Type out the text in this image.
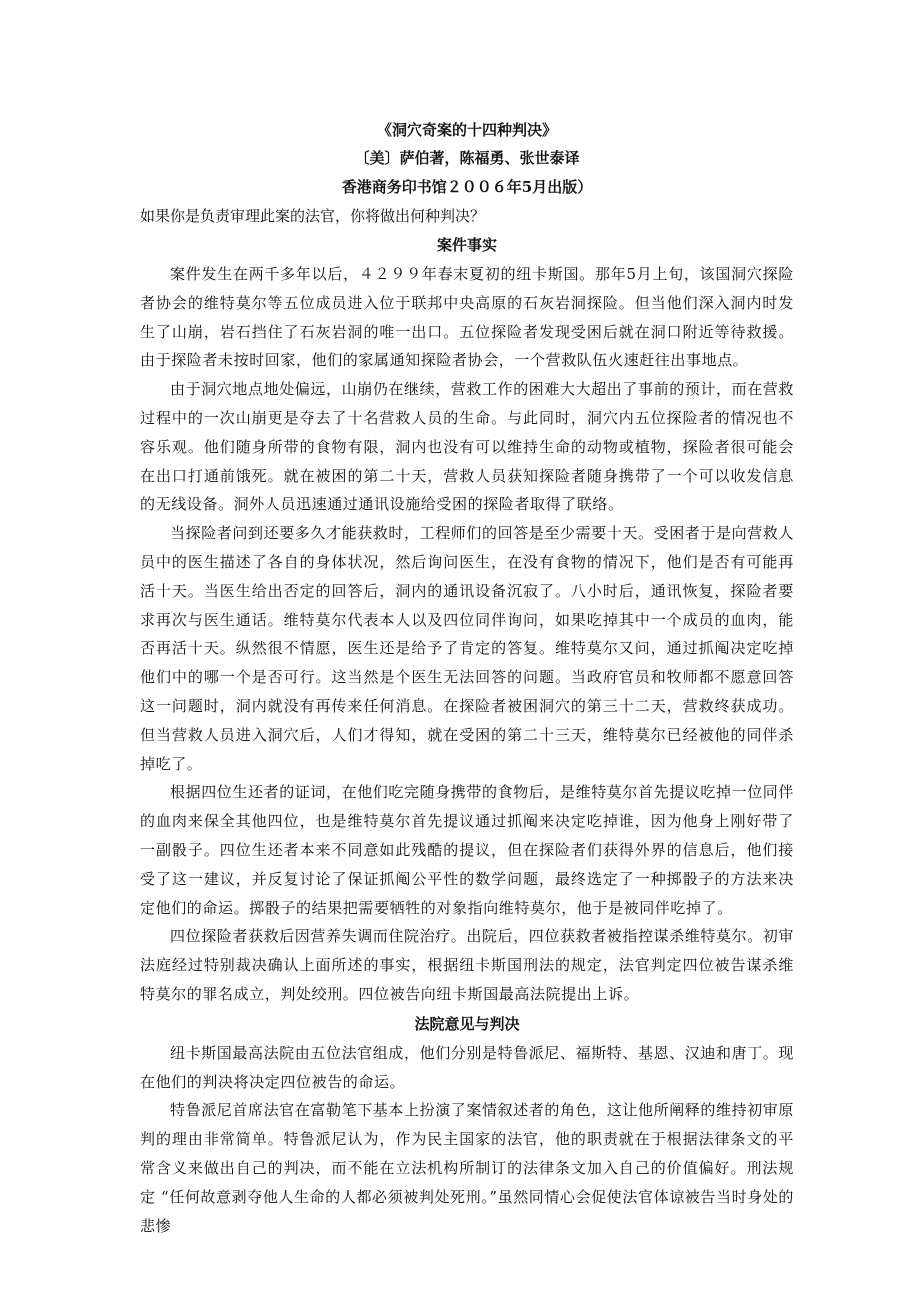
《洞穴奇案的十四种判决》
〔美〕萨伯著，陈福勇、张世泰译
香港商务印书馆２００６年5月出版）
如果你是负责审理此案的法官，你将做出何种判决？
案件事实

案件发生在两千多年以后，４２９９年春末夏初的纽卡斯国。那年5月上旬，该国洞穴探险者协会的维特莫尔等五位成员进入位于联邦中央高原的石灰岩洞探险。但当他们深入洞内时发生了山崩，岩石挡住了石灰岩洞的唯一出口。五位探险者发现受困后就在洞口附近等待救援。由于探险者未按时回家，他们的家属通知探险者协会，一个营救队伍火速赶往出事地点。

由于洞穴地点地处偏远，山崩仍在继续，营救工作的困难大大超出了事前的预计，而在营救过程中的一次山崩更是夺去了十名营救人员的生命。与此同时，洞穴内五位探险者的情况也不容乐观。他们随身所带的食物有限，洞内也没有可以维持生命的动物或植物，探险者很可能会在出口打通前饿死。就在被困的第二十天，营救人员获知探险者随身携带了一个可以收发信息的无线设备。洞外人员迅速通过通讯设施给受困的探险者取得了联络。

当探险者问到还要多久才能获救时，工程师们的回答是至少需要十天。受困者于是向营救人员中的医生描述了各自的身体状况，然后询问医生，在没有食物的情况下，他们是否有可能再活十天。当医生给出否定的回答后，洞内的通讯设备沉寂了。八小时后，通讯恢复，探险者要求再次与医生通话。维特莫尔代表本人以及四位同伴询问，如果吃掉其中一个成员的血肉，能否再活十天。纵然很不情愿，医生还是给予了肯定的答复。维特莫尔又问，通过抓阄决定吃掉他们中的哪一个是否可行。这当然是个医生无法回答的问题。当政府官员和牧师都不愿意回答这一问题时，洞内就没有再传来任何消息。在探险者被困洞穴的第三十二天，营救终获成功。但当营救人员进入洞穴后，人们才得知，就在受困的第二十三天，维特莫尔已经被他的同伴杀掉吃了。

根据四位生还者的证词，在他们吃完随身携带的食物后，是维特莫尔首先提议吃掉一位同伴的血肉来保全其他四位，也是维特莫尔首先提议通过抓阄来决定吃掉谁，因为他身上刚好带了一副骰子。四位生还者本来不同意如此残酷的提议，但在探险者们获得外界的信息后，他们接受了这一建议，并反复讨论了保证抓阄公平性的数学问题，最终选定了一种掷骰子的方法来决定他们的命运。掷骰子的结果把需要牺牲的对象指向维特莫尔，他于是被同伴吃掉了。

四位探险者获救后因营养失调而住院治疗。出院后，四位获救者被指控谋杀维特莫尔。初审法庭经过特别裁决确认上面所述的事实，根据纽卡斯国刑法的规定，法官判定四位被告谋杀维特莫尔的罪名成立，判处绞刑。四位被告向纽卡斯国最高法院提出上诉。

法院意见与判决

纽卡斯国最高法院由五位法官组成，他们分别是特鲁派尼、福斯特、基恩、汉迪和唐丁。现在他们的判决将决定四位被告的命运。

特鲁派尼首席法官在富勒笔下基本上扮演了案情叙述者的角色，这让他所阐释的维持初审原判的理由非常简单。特鲁派尼认为，作为民主国家的法官，他的职责就在于根据法律条文的平常含义来做出自己的判决，而不能在立法机构所制订的法律条文加入自己的价值偏好。刑法规定 “任何故意剥夺他人生命的人都必须被判处死刑。”虽然同情心会促使法官体谅被告当时身处的悲惨
